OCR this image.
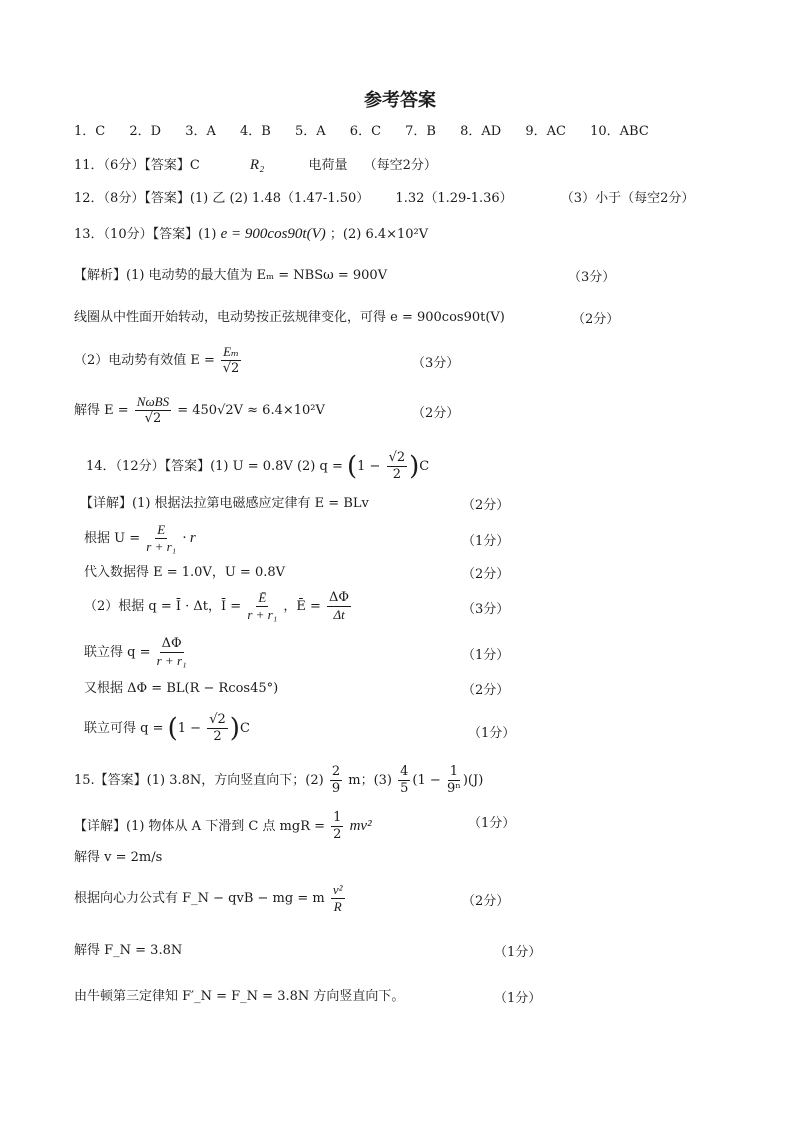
参考答案
1．C 2．D 3．A 4．B 5．A 6．C 7．B 8．AD 9．AC 10．ABC
11．（6分）【答案】C	R₂	电荷量 （每空2分）
12．（8分）【答案】(1) 乙 (2) 1.48（1.47-1.50） 1.32（1.29-1.36）	（3）小于（每空2分）
13．（10分）【答案】(1) e = 900cos90t(V) ；(2) 6.4×10²V
【解析】(1) 电动势的最大值为 Eₘ = NBSω = 900V	（3分）
线圈从中性面开始转动，电动势按正弦规律变化，可得 e = 900cos90t(V)	（2分）
（2）电动势有效值 $E = \frac{\text{Eₘ}}{√2}$	（3分）
解得 $E = \frac{\text{NωBS}}{√2} = 450√2V \approx 6.4\times 10^2V$	（2分）
14．（12分）【答案】(1) U = 0.8V (2) $q = (1 - \frac{√2}{2} )C$
【详解】(1) 根据法拉第电磁感应定律有 E = BLv	（2分）
根据 $U = \frac{E}{\text{r + r₁}} \cdot r$	（1分）
代入数据得 E = 1.0V，U = 0.8V	（2分）
（2）根据 q = Ī · Δt，Ī = $\frac{Ē}{\text{r + r₁}}$ ，Ē = $\frac{\Delta\Phi}{\Delta t}$	（3分）
联立得 $q = \frac{\Delta\Phi}{\text{r + r₁}}$	（1分）
又根据 ΔΦ = BL(R − Rcos45°)	（2分）
联立可得 $q = (1 - \frac{√2}{2} )C$	（1分）
15.【答案】(1) 3.8N，方向竖直向下；$(2) \frac{2}{9}$ m；$(3) \frac{4}{5} (1 - \frac{1}{\text{9ⁿ}} )(J)$
【详解】(1) 物体从 A 下滑到 C 点 mgR = $\frac{1}{2} mv^2$	（1分）
解得 v = 2m/s
根据向心力公式有 F_N − qvB − mg = m $\frac{\text{v²}}{R}$	（2分）
解得 F_N = 3.8N	（1分）
由牛顿第三定律知 F′_N = F_N = 3.8N 方向竖直向下。	（1分）
